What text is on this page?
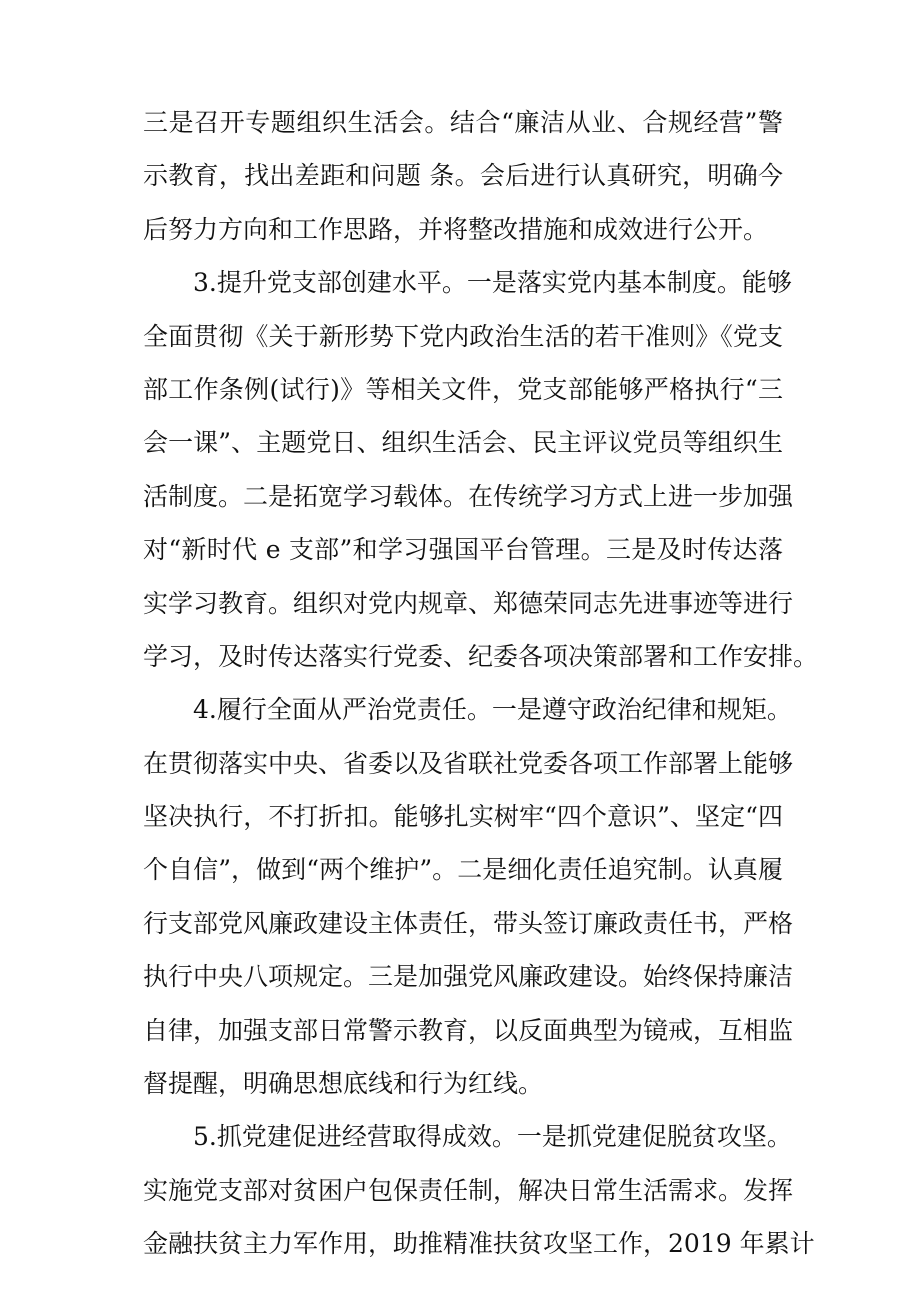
三是召开专题组织生活会。结合“廉洁从业、合规经营”警
示教育，找出差距和问题 条。会后进行认真研究，明确今
后努力方向和工作思路，并将整改措施和成效进行公开。
3.提升党支部创建水平。一是落实党内基本制度。能够
全面贯彻《关于新形势下党内政治生活的若干准则》《党支
部工作条例(试行)》等相关文件，党支部能够严格执行“三
会一课”、主题党日、组织生活会、民主评议党员等组织生
活制度。二是拓宽学习载体。在传统学习方式上进一步加强
对“新时代 e 支部”和学习强国平台管理。三是及时传达落
实学习教育。组织对党内规章、郑德荣同志先进事迹等进行
学习，及时传达落实行党委、纪委各项决策部署和工作安排。
4.履行全面从严治党责任。一是遵守政治纪律和规矩。
在贯彻落实中央、省委以及省联社党委各项工作部署上能够
坚决执行，不打折扣。能够扎实树牢“四个意识”、坚定“四
个自信”，做到“两个维护”。二是细化责任追究制。认真履
行支部党风廉政建设主体责任，带头签订廉政责任书，严格
执行中央八项规定。三是加强党风廉政建设。始终保持廉洁
自律，加强支部日常警示教育，以反面典型为镜戒，互相监
督提醒，明确思想底线和行为红线。
5.抓党建促进经营取得成效。一是抓党建促脱贫攻坚。
实施党支部对贫困户包保责任制，解决日常生活需求。发挥
金融扶贫主力军作用，助推精准扶贫攻坚工作，2019 年累计
